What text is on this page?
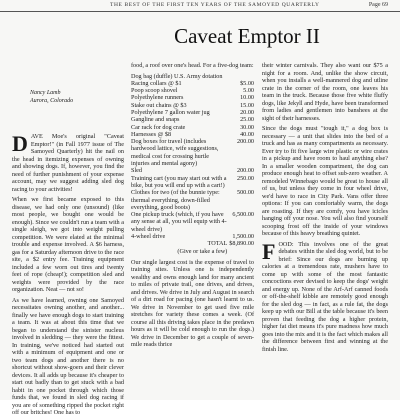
THE BEST OF THE FIRST TEN YEARS OF THE SAMOYED QUARTERLY	Page 69
Caveat Emptor II
Nancy Lamb
Aurora, Colorado

D AVE Moe's original "Caveat Emptor!" (in Fall 1977 issue of The Samoyed Quarterly) hit the nail on the head in itemizing expenses of owning and showing dogs. If, however, you find the need of further punishment of your expense account, may we suggest adding sled dog racing to your activities!

When we first became exposed to this disease, we had only one (unsound) (like most people, we bought one would be enough). Since we couldn't run a team with a single sleigh, we got into weight pulling competition. We were elated at the minimal trouble and expense involved. A $6 harness, gas for a Saturday afternoon drive to the race site, a $2 entry fee. Training equipment included a few worn out tires and twenty feet of rope (cheap!); competition sled and weights were provided by the race organization. Neat — not so!

As we have learned, owning one Samoyed necessitates owning another, and another... finally we have enough dogs to start training a team. It was at about this time that we began to understand the sinister nucleus involved in sledding — they were the fittest. In training, we've noticed had started out with a minimum of equipment and one or two team dogs and another there is no shortcut without show-goers and their clever devices. It all adds up because it's cheaper to start out badly than to get stuck with a bad habit in one pocket through which those funds that, we found in sled dog racing if you are of something ripped the pocket right off our britches! One has to

food, a roof over one's head. For a five-dog team:

Dog bag (duffle) U.S. Army dotation	
Racing collars @ $1	$5.00
Poop scoop shovel	5.00
Polyethylene runners	10.00
Stake out chains @ $3	15.00
Polyethylene 7 gallon water jug	20.00
Gangline and snaps	25.00
Car rack for dog crate	30.00
Harnesses @ $8	40.00
Dog boxes for travel (includes hardwood lattice, wife suggestions, medical cost for crossing hurtle injuries and mental agony)	200.00
Sled	200.00
Training cart (you may start out with a bike, but you will end up with a cart!)	250.00
Clothes for two (of the bunnie type: thermal everything, down-filled everything, good boots)	500.00
One pickup truck (which, if you have any sense at all, you will equip with 4-wheel drive)	6,500.00
4-wheel drive	1,500.00
TOTAL	$8,890.00
(Give or take a few)	

Our single largest cost is the expense of travel to training sites. Unless one is independently wealthy and owns enough land for many ancient to miles of private trail, one drives, and drives, and drives. We drive in July and August in search of a dirt road for pacing (one hasn't learnt to us. We drive in November to get used five mile stretches for variety these comes a week. (Of course all this driving takes place in the predawn hours as it will be cold enough to run the dogs.) We drive in December to get a couple of seven-mile reads thrice

their winter carnivals. They also want our $75 a night for a room. And, unlike the show circuit, when you installs a well-mannered dog and utline crate in the corner of the room, one leaves his team in the truck. Because those five white fluffy dogs, like Jekyll and Hyde, have been transformed from ladies and gentlemen into banshees at the sight of their harnesses.

Since the dogs must "tough it," a dog box is necessary — a unit that slides into the bed of a truck and has as many compartments as necessary. Ever try to fit five large wire plastic or wire crates in a pickup and have room to haul anything else? In a smaller wooden compartment, the dog can produce enough heat to offset sub-zero weather. A remodeled Winnebago would be great to house all of us, but unless they come in four wheel drive, we'd have to race in City Park. Vans offer three options: If you can comfortably warm, the dogs are roasting. If they are comfy, you have icicles hanging off your nose. You will also find yourself scooping frost off the inside of your windows because of this heavy breathing quintet.

F OOD: This involves one of the great debates within the sled dog world, but to be brief: Since our dogs are burning up calories at a tremendous rate, mushers have to come up with some of the most fantastic concoctions ever devised to keep the dogs' weight and energy up. None of the Arf-Arf canned foods or off-the-shelf kibble are remotely good enough for the sled dog — in fact, as a rule fat, the dogs keep up with our Bill at the table because it's been proven that feeding the dog a higher protein, higher fat diet means it's pure madness how much goes into the mix and it is the fact which makes all the difference between first and winning at the finish line.
